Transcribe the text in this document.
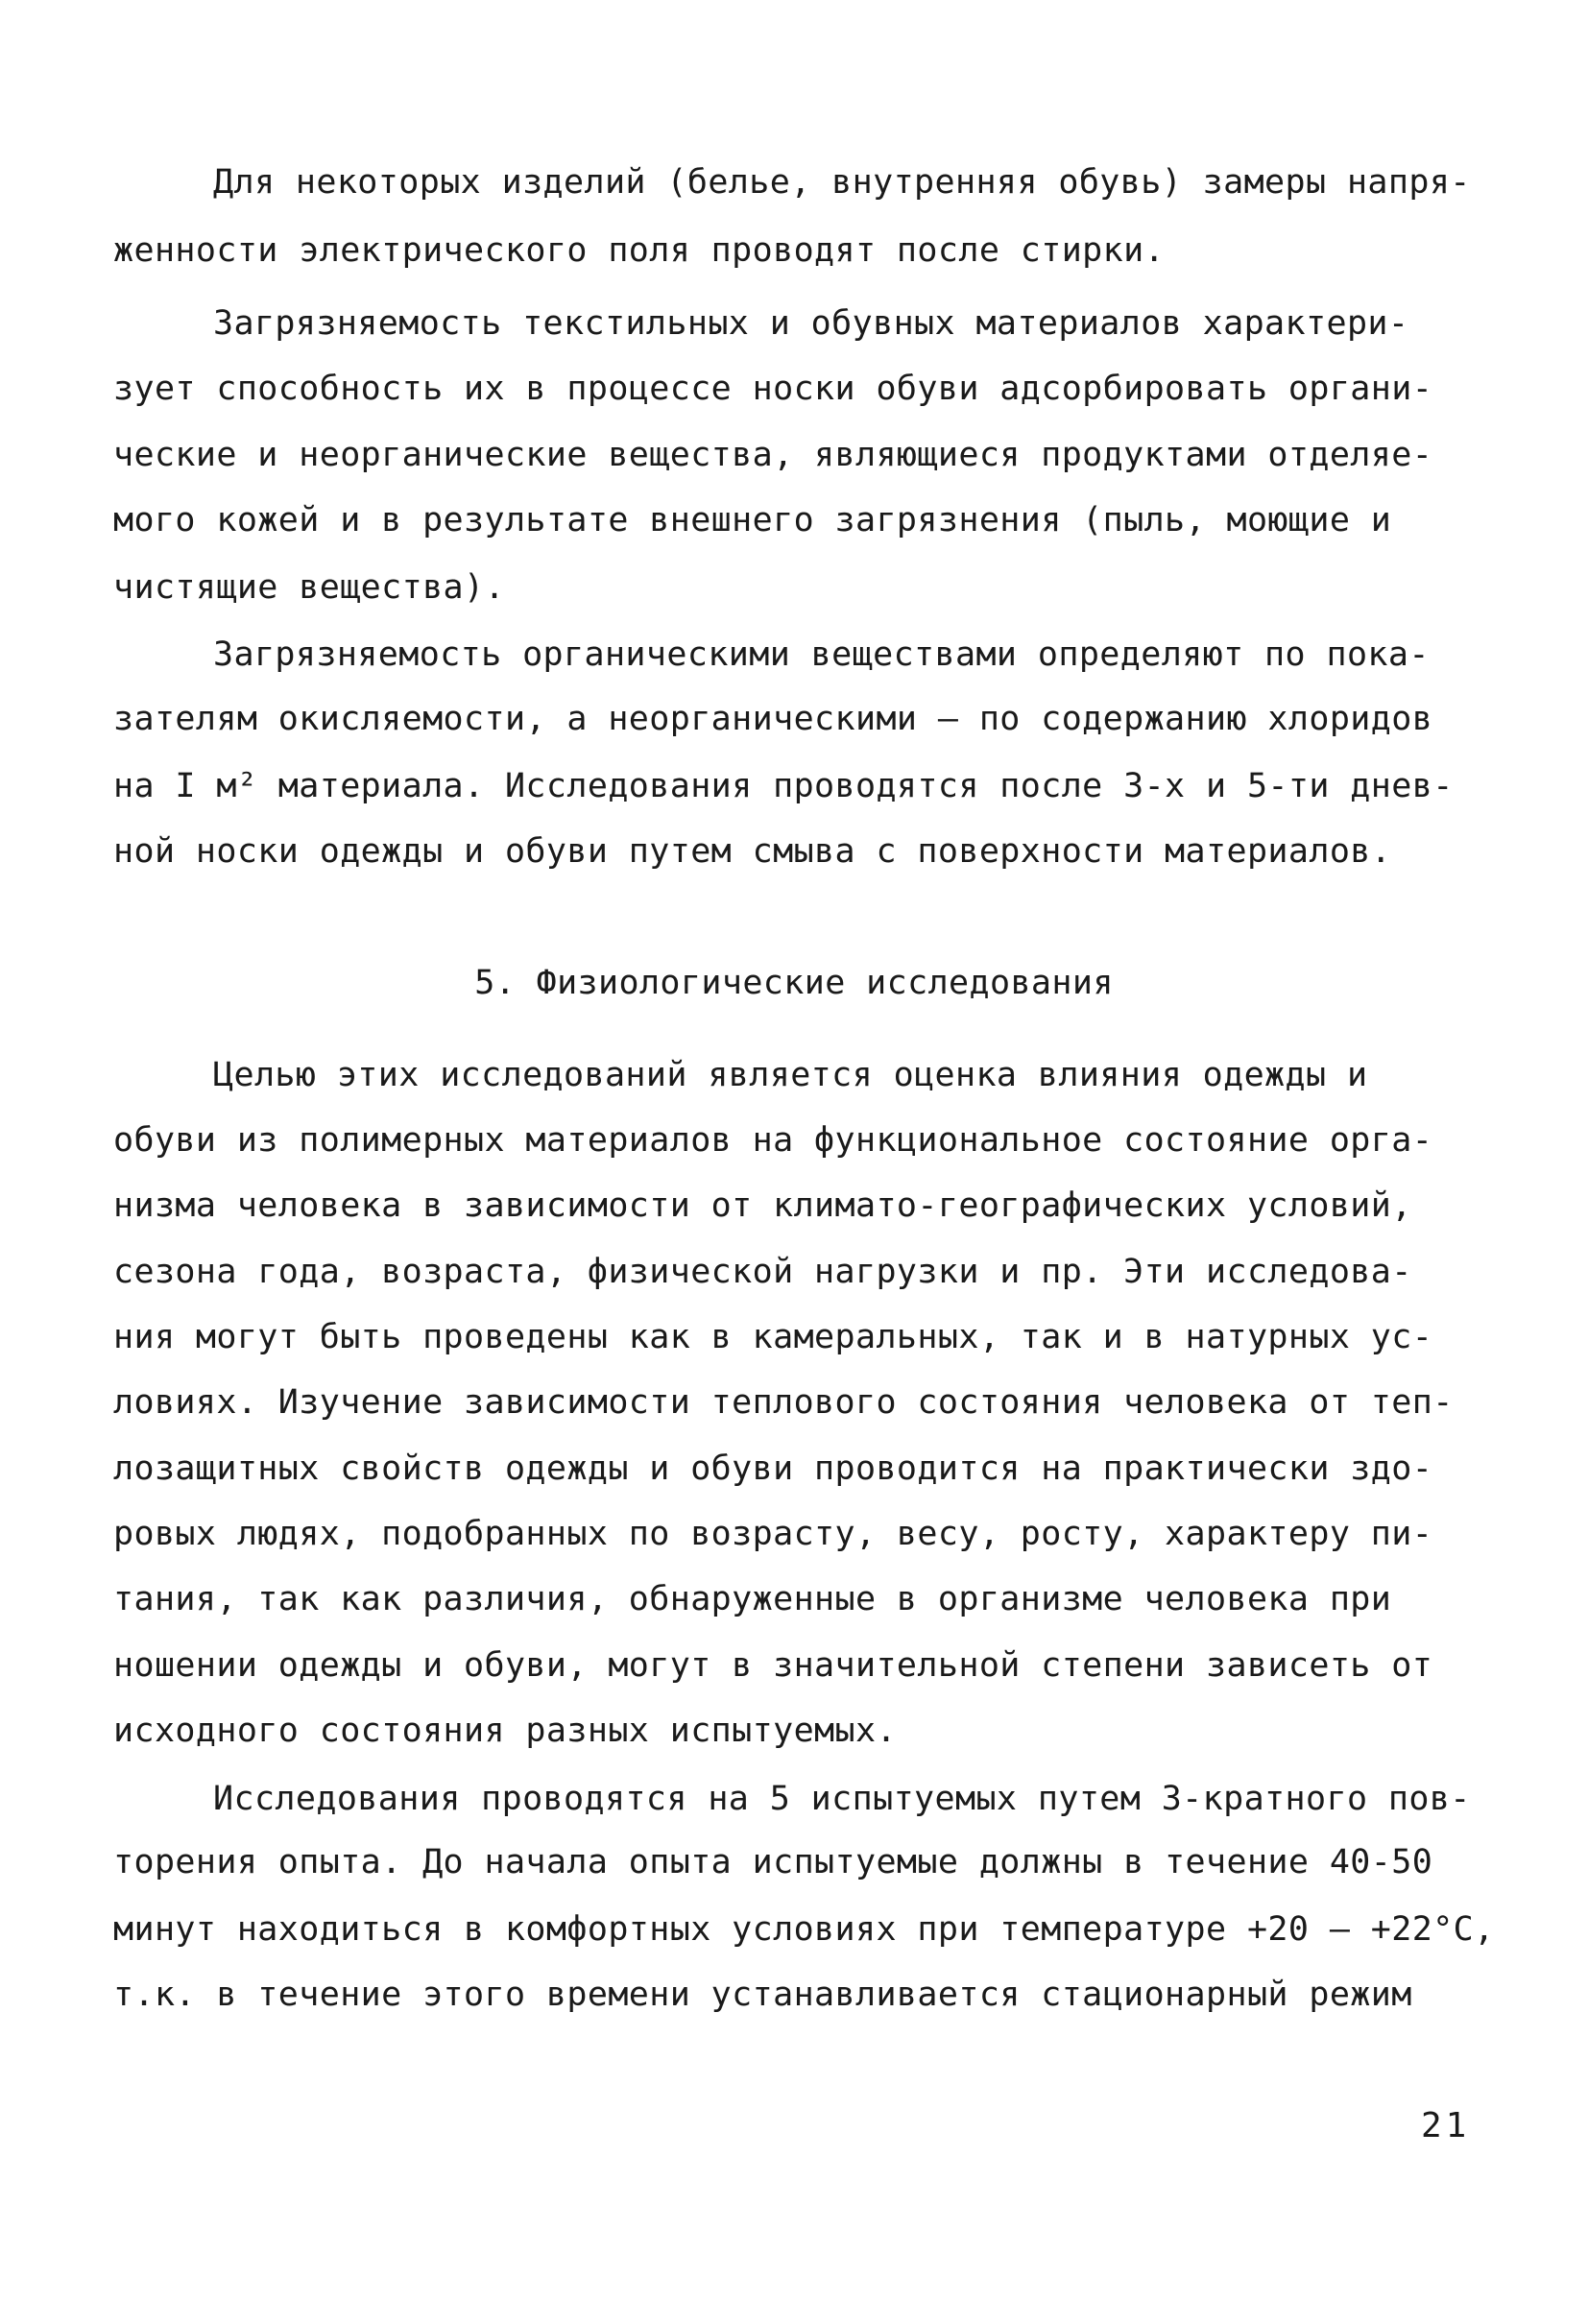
Для некоторых изделий (белье, внутренняя обувь) замеры напря-
женности электрического поля проводят после стирки.
Загрязняемость текстильных и обувных материалов характери-
зует способность их в процессе носки обуви адсорбировать органи-
ческие и неорганические вещества, являющиеся продуктами отделяе-
мого кожей и в результате внешнего загрязнения (пыль, моющие и
чистящие вещества).
Загрязняемость органическими веществами определяют по пока-
зателям окисляемости, а неорганическими – по содержанию хлоридов
на I м² материала. Исследования проводятся после 3-х и 5-ти днев-
ной носки одежды и обуви путем смыва с поверхности материалов.
5. Физиологические исследования
Целью этих исследований является оценка влияния одежды и
обуви из полимерных материалов на функциональное состояние орга-
низма человека в зависимости от климато-географических условий,
сезона года, возраста, физической нагрузки и пр. Эти исследова-
ния могут быть проведены как в камеральных, так и в натурных ус-
ловиях. Изучение зависимости теплового состояния человека от теп-
лозащитных свойств одежды и обуви проводится на практически здо-
ровых людях, подобранных по возрасту, весу, росту, характеру пи-
тания, так как различия, обнаруженные в организме человека при
ношении одежды и обуви, могут в значительной степени зависеть от
исходного состояния разных испытуемых.
Исследования проводятся на 5 испытуемых путем 3-кратного пов-
торения опыта. До начала опыта испытуемые должны в течение 40-50
минут находиться в комфортных условиях при температуре +20 – +22°С,
т.к. в течение этого времени устанавливается стационарный режим
21
